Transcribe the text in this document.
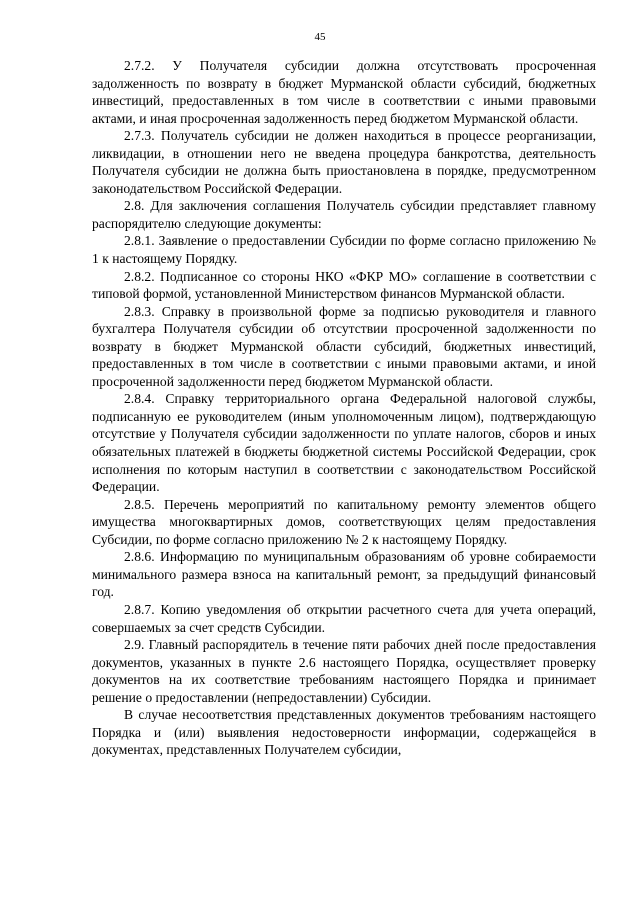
45

2.7.2. У Получателя субсидии должна отсутствовать просроченная задолженность по возврату в бюджет Мурманской области субсидий, бюджетных инвестиций, предоставленных в том числе в соответствии с иными правовыми актами, и иная просроченная задолженность перед бюджетом Мурманской области.

2.7.3. Получатель субсидии не должен находиться в процессе реорганизации, ликвидации, в отношении него не введена процедура банкротства, деятельность Получателя субсидии не должна быть приостановлена в порядке, предусмотренном законодательством Российской Федерации.

2.8. Для заключения соглашения Получатель субсидии представляет главному распорядителю следующие документы:

2.8.1. Заявление о предоставлении Субсидии по форме согласно приложению № 1 к настоящему Порядку.

2.8.2. Подписанное со стороны НКО «ФКР МО» соглашение в соответствии с типовой формой, установленной Министерством финансов Мурманской области.

2.8.3. Справку в произвольной форме за подписью руководителя и главного бухгалтера Получателя субсидии об отсутствии просроченной задолженности по возврату в бюджет Мурманской области субсидий, бюджетных инвестиций, предоставленных в том числе в соответствии с иными правовыми актами, и иной просроченной задолженности перед бюджетом Мурманской области.

2.8.4. Справку территориального органа Федеральной налоговой службы, подписанную ее руководителем (иным уполномоченным лицом), подтверждающую отсутствие у Получателя субсидии задолженности по уплате налогов, сборов и иных обязательных платежей в бюджеты бюджетной системы Российской Федерации, срок исполнения по которым наступил в соответствии с законодательством Российской Федерации.

2.8.5. Перечень мероприятий по капитальному ремонту элементов общего имущества многоквартирных домов, соответствующих целям предоставления Субсидии, по форме согласно приложению № 2 к настоящему Порядку.

2.8.6. Информацию по муниципальным образованиям об уровне собираемости минимального размера взноса на капитальный ремонт, за предыдущий финансовый год.

2.8.7. Копию уведомления об открытии расчетного счета для учета операций, совершаемых за счет средств Субсидии.

2.9. Главный распорядитель в течение пяти рабочих дней после предоставления документов, указанных в пункте 2.6 настоящего Порядка, осуществляет проверку документов на их соответствие требованиям настоящего Порядка и принимает решение о предоставлении (непредоставлении) Субсидии.

В случае несоответствия представленных документов требованиям настоящего Порядка и (или) выявления недостоверности информации, содержащейся в документах, представленных Получателем субсидии,
